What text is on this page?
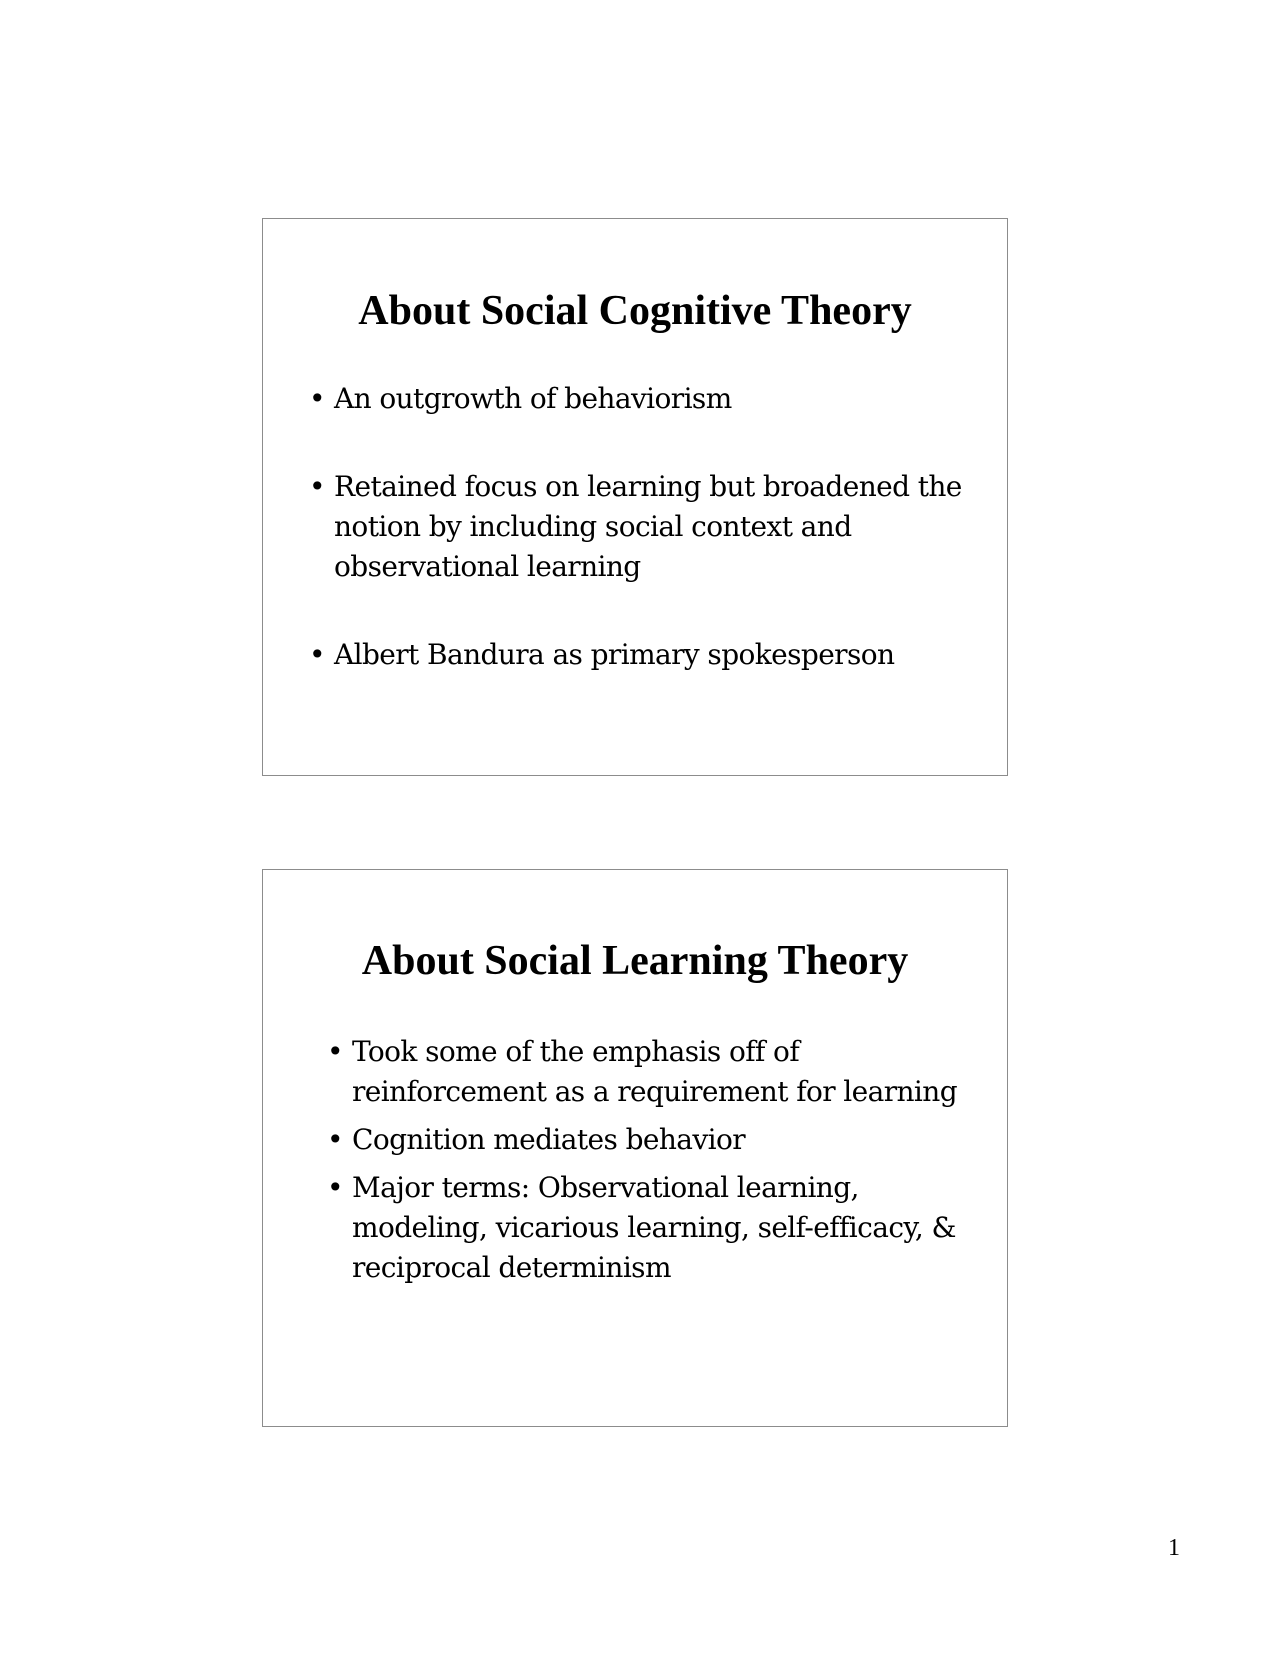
About Social Cognitive Theory
• An outgrowth of behaviorism
• Retained focus on learning but broadened the notion by including social context and observational learning
• Albert Bandura as primary spokesperson
About Social Learning Theory
• Took some of the emphasis off of reinforcement as a requirement for learning
• Cognition mediates behavior
• Major terms: Observational learning, modeling, vicarious learning, self-efficacy, & reciprocal determinism
1
